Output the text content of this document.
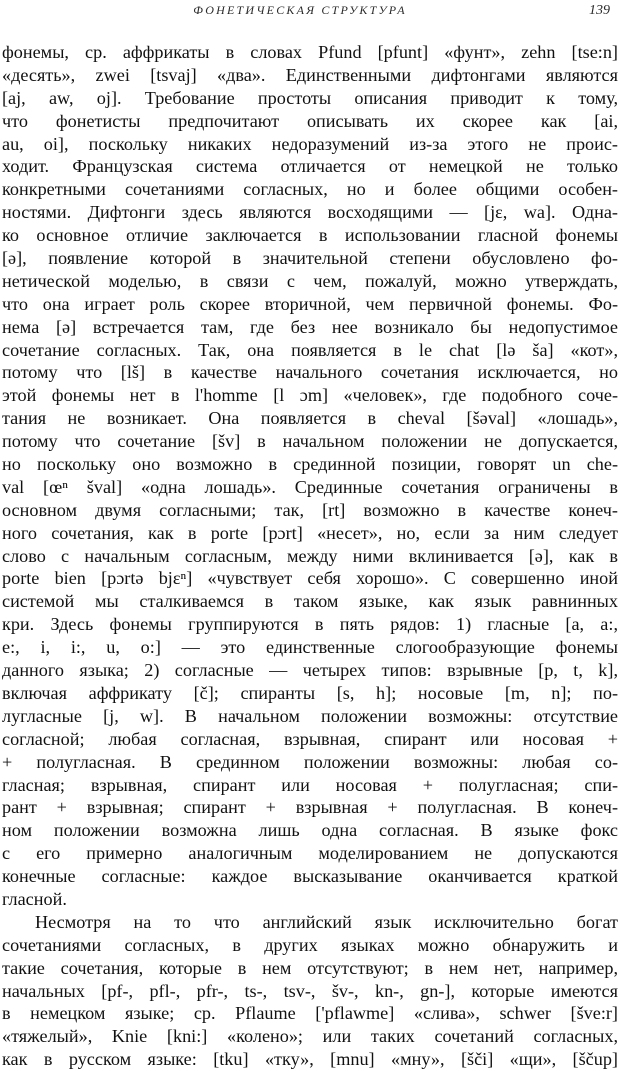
ФОНЕТИЧЕСКАЯ СТРУКТУРА	139
фонемы, ср. аффрикаты в словах Pfund [pfunt] «фунт», zehn [tse:n]
«десять», zwei [tsvaj] «два». Единственными дифтонгами являются
[aj, aw, oj]. Требование простоты описания приводит к тому,
что фонетисты предпочитают описывать их скорее как [ai,
au, oi], поскольку никаких недоразумений из-за этого не проис-
ходит. Французская система отличается от немецкой не только
конкретными сочетаниями согласных, но и более общими особен-
ностями. Дифтонги здесь являются восходящими — [jɛ, wa]. Одна-
ко основное отличие заключается в использовании гласной фонемы
[ə], появление которой в значительной степени обусловлено фо-
нетической моделью, в связи с чем, пожалуй, можно утверждать,
что она играет роль скорее вторичной, чем первичной фонемы. Фо-
нема [ə] встречается там, где без нее возникало бы недопустимое
сочетание согласных. Так, она появляется в le chat [lə ša] «кот»,
потому что [lš] в качестве начального сочетания исключается, но
этой фонемы нет в l'homme [l ɔm] «человек», где подобного соче-
тания не возникает. Она появляется в cheval [šəval] «лошадь»,
потому что сочетание [šv] в начальном положении не допускается,
но поскольку оно возможно в срединной позиции, говорят un che-
val [œⁿ šval] «одна лошадь». Срединные сочетания ограничены в
основном двумя согласными; так, [rt] возможно в качестве конеч-
ного сочетания, как в porte [pɔrt] «несет», но, если за ним следует
слово с начальным согласным, между ними вклинивается [ə], как в
porte bien [pɔrtə bjɛⁿ] «чувствует себя хорошо». С совершенно иной
системой мы сталкиваемся в таком языке, как язык равнинных
кри. Здесь фонемы группируются в пять рядов: 1) гласные [a, a:,
e:, i, i:, u, o:] — это единственные слогообразующие фонемы
данного языка; 2) согласные — четырех типов: взрывные [p, t, k],
включая аффрикату [č]; спиранты [s, h]; носовые [m, n]; по-
лугласные [j, w]. В начальном положении возможны: отсутствие
согласной; любая согласная, взрывная, спирант или носовая +
+ полугласная. В срединном положении возможны: любая со-
гласная; взрывная, спирант или носовая + полугласная; спи-
рант + взрывная; спирант + взрывная + полугласная. В конеч-
ном положении возможна лишь одна согласная. В языке фокс
с его примерно аналогичным моделированием не допускаются
конечные согласные: каждое высказывание оканчивается краткой
гласной.
Несмотря на то что английский язык исключительно богат
сочетаниями согласных, в других языках можно обнаружить и
такие сочетания, которые в нем отсутствуют; в нем нет, например,
начальных [pf-, pfl-, pfr-, ts-, tsv-, šv-, kn-, gn-], которые имеются
в немецком языке; ср. Pflaume ['pflawme] «слива», schwer [šve:r]
«тяжелый», Knie [kni:] «колено»; или таких сочетаний согласных,
как в русском языке: [tku] «тку», [mnu] «мну», [šči] «щи», [ščup]
